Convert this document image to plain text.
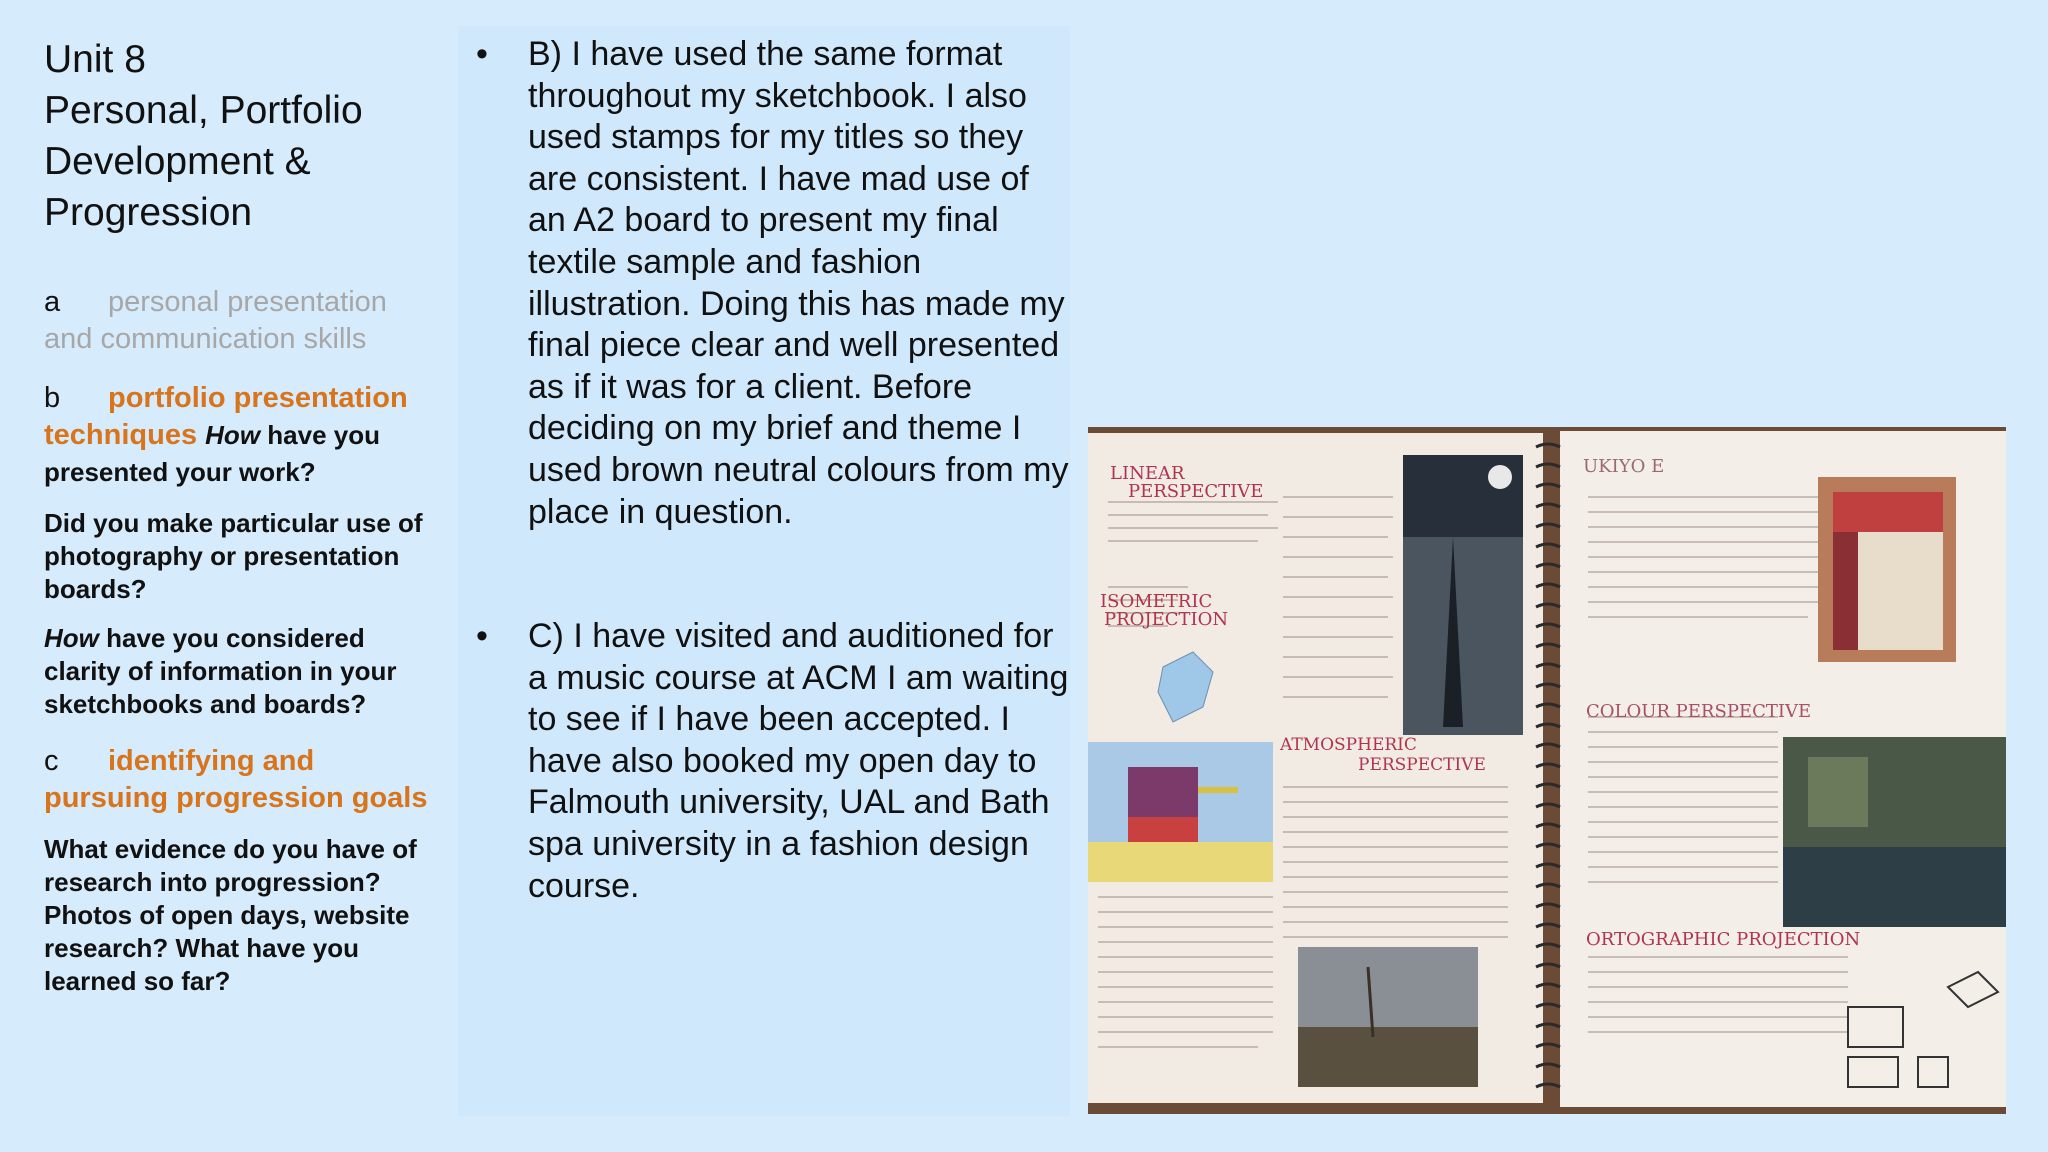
Unit 8
Personal, Portfolio
Development &
Progression
a personal presentation
and communication skills
b portfolio presentation
techniques How have you presented your work?
Did you make particular use of photography or presentation boards?
How have you considered clarity of information in your sketchbooks and boards?
c identifying and
pursuing progression goals
What evidence do you have of research into progression? Photos of open days, website research? What have you learned so far?
• B) I have used the same format throughout my sketchbook. I also used stamps for my titles so they are consistent. I have mad use of an A2 board to present my final textile sample and fashion illustration. Doing this has made my final piece clear and well presented as if it was for a client. Before deciding on my brief and theme I used brown neutral colours from my place in question.
• C) I have visited and auditioned for a music course at ACM I am waiting to see if I have been accepted. I have also booked my open day to Falmouth university, UAL and Bath spa university in a fashion design course.
LINEAR
PERSPECTIVE
ISOMETRIC
PROJECTION
ATMOSPHERIC
PERSPECTIVE
UKIYO E
COLOUR PERSPECTIVE
ORTOGRAPHIC PROJECTION
